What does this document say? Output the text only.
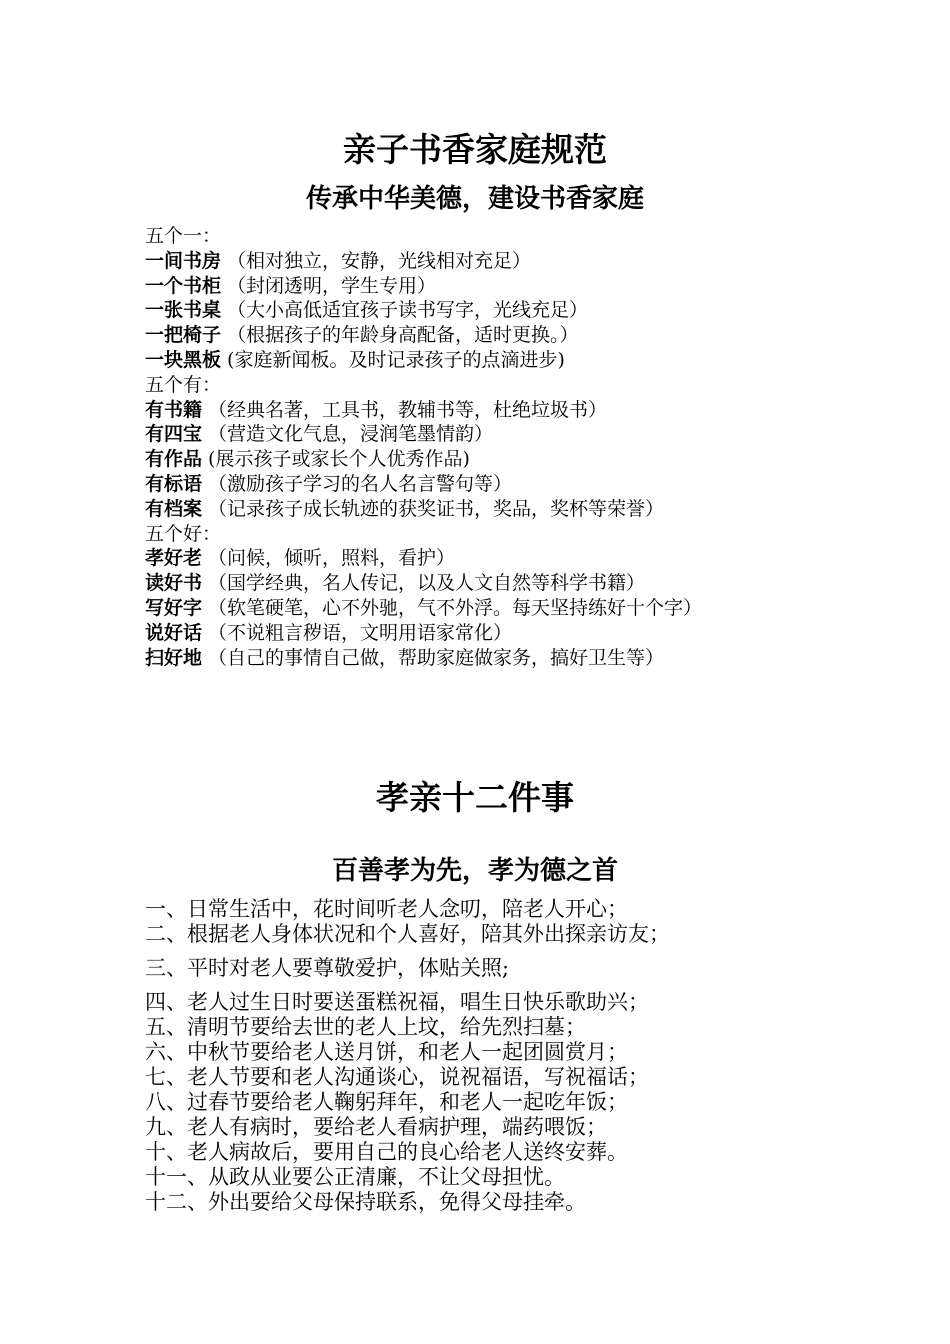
亲子书香家庭规范
传承中华美德，建设书香家庭
五个一：
一间书房 （相对独立，安静，光线相对充足）
一个书柜 （封闭透明，学生专用）
一张书桌 （大小高低适宜孩子读书写字，光线充足）
一把椅子 （根据孩子的年龄身高配备，适时更换。）
一块黑板 (家庭新闻板。及时记录孩子的点滴进步)
五个有：
有书籍 （经典名著，工具书，教辅书等，杜绝垃圾书）
有四宝 （营造文化气息，浸润笔墨情韵）
有作品 (展示孩子或家长个人优秀作品)
有标语 （激励孩子学习的名人名言警句等）
有档案 （记录孩子成长轨迹的获奖证书，奖品，奖杯等荣誉）
五个好：
孝好老 （问候，倾听，照料，看护）
读好书 （国学经典，名人传记，以及人文自然等科学书籍）
写好字 （软笔硬笔，心不外驰，气不外浮。每天坚持练好十个字）
说好话 （不说粗言秽语，文明用语家常化）
扫好地 （自己的事情自己做，帮助家庭做家务，搞好卫生等）
孝亲十二件事
百善孝为先，孝为德之首
一、日常生活中，花时间听老人念叨，陪老人开心；
二、根据老人身体状况和个人喜好，陪其外出探亲访友；
三、平时对老人要尊敬爱护，体贴关照;
四、老人过生日时要送蛋糕祝福，唱生日快乐歌助兴；
五、清明节要给去世的老人上坟，给先烈扫墓；
六、中秋节要给老人送月饼，和老人一起团圆赏月；
七、老人节要和老人沟通谈心，说祝福语，写祝福话；
八、过春节要给老人鞠躬拜年，和老人一起吃年饭；
九、老人有病时，要给老人看病护理，端药喂饭；
十、老人病故后，要用自己的良心给老人送终安葬。
十一、从政从业要公正清廉，不让父母担忧。
十二、外出要给父母保持联系，免得父母挂牵。
